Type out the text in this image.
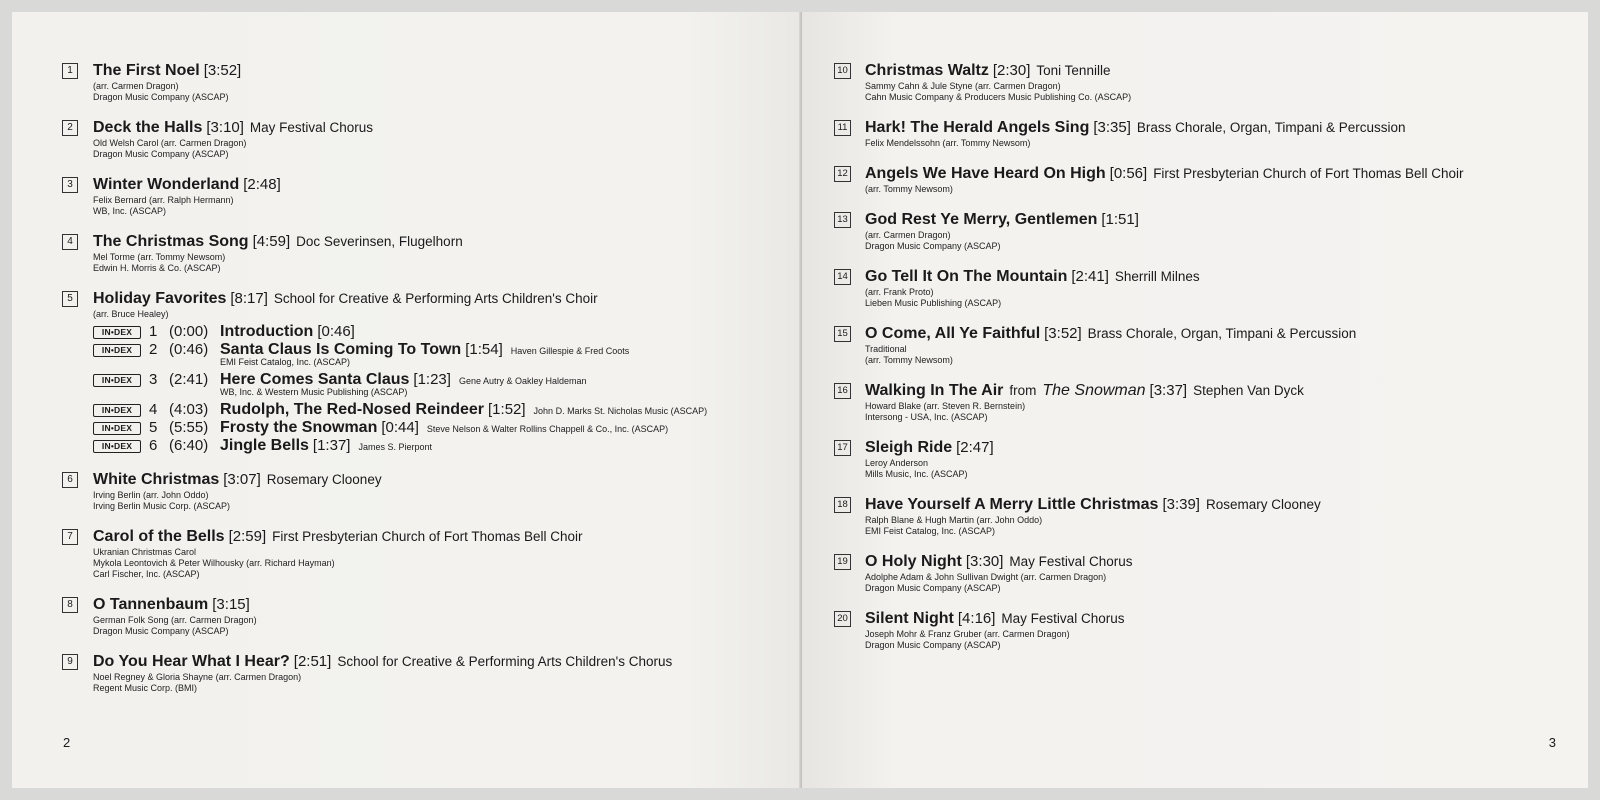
1	The First Noel [3:52]
(arr. Carmen Dragon)
Dragon Music Company (ASCAP)
2	Deck the Halls [3:10] May Festival Chorus
Old Welsh Carol (arr. Carmen Dragon)
Dragon Music Company (ASCAP)
3	Winter Wonderland [2:48]
Felix Bernard (arr. Ralph Hermann)
WB, Inc. (ASCAP)
4	The Christmas Song [4:59] Doc Severinsen, Flugelhorn
Mel Torme (arr. Tommy Newsom)
Edwin H. Morris & Co. (ASCAP)
5	Holiday Favorites [8:17] School for Creative & Performing Arts Children's Choir
(arr. Bruce Healey)
IN•DEX	1 (0:00) Introduction [0:46]
IN•DEX	2 (0:46) Santa Claus Is Coming To Town [1:54] Haven Gillespie & Fred Coots
EMI Feist Catalog, Inc. (ASCAP)
IN•DEX	3 (2:41) Here Comes Santa Claus [1:23] Gene Autry & Oakley Haldeman
WB, Inc. & Western Music Publishing (ASCAP)
IN•DEX	4 (4:03) Rudolph, The Red-Nosed Reindeer [1:52] John D. Marks St. Nicholas Music (ASCAP)
IN•DEX	5 (5:55) Frosty the Snowman [0:44] Steve Nelson & Walter Rollins Chappell & Co., Inc. (ASCAP)
IN•DEX	6 (6:40) Jingle Bells [1:37] James S. Pierpont
6	White Christmas [3:07] Rosemary Clooney
Irving Berlin (arr. John Oddo)
Irving Berlin Music Corp. (ASCAP)
7	Carol of the Bells [2:59] First Presbyterian Church of Fort Thomas Bell Choir
Ukranian Christmas Carol
Mykola Leontovich & Peter Wilhousky (arr. Richard Hayman)
Carl Fischer, Inc. (ASCAP)
8	O Tannenbaum [3:15]
German Folk Song (arr. Carmen Dragon)
Dragon Music Company (ASCAP)
9	Do You Hear What I Hear? [2:51] School for Creative & Performing Arts Children's Chorus
Noel Regney & Gloria Shayne (arr. Carmen Dragon)
Regent Music Corp. (BMI)
2
10 Christmas Waltz [2:30] Toni Tennille
Sammy Cahn & Jule Styne (arr. Carmen Dragon)
Cahn Music Company & Producers Music Publishing Co. (ASCAP)
11 Hark! The Herald Angels Sing [3:35] Brass Chorale, Organ, Timpani & Percussion
Felix Mendelssohn (arr. Tommy Newsom)
12 Angels We Have Heard On High [0:56] First Presbyterian Church of Fort Thomas Bell Choir
(arr. Tommy Newsom)
13 God Rest Ye Merry, Gentlemen [1:51]
(arr. Carmen Dragon)
Dragon Music Company (ASCAP)
14 Go Tell It On The Mountain [2:41] Sherrill Milnes
(arr. Frank Proto)
Lieben Music Publishing (ASCAP)
15 O Come, All Ye Faithful [3:52] Brass Chorale, Organ, Timpani & Percussion
Traditional
(arr. Tommy Newsom)
16 Walking In The Air from The Snowman [3:37] Stephen Van Dyck
Howard Blake (arr. Steven R. Bernstein)
Intersong - USA, Inc. (ASCAP)
17 Sleigh Ride [2:47]
Leroy Anderson
Mills Music, Inc. (ASCAP)
18 Have Yourself A Merry Little Christmas [3:39] Rosemary Clooney
Ralph Blane & Hugh Martin (arr. John Oddo)
EMI Feist Catalog, Inc. (ASCAP)
19 O Holy Night [3:30] May Festival Chorus
Adolphe Adam & John Sullivan Dwight (arr. Carmen Dragon)
Dragon Music Company (ASCAP)
20 Silent Night [4:16] May Festival Chorus
Joseph Mohr & Franz Gruber (arr. Carmen Dragon)
Dragon Music Company (ASCAP)
3
